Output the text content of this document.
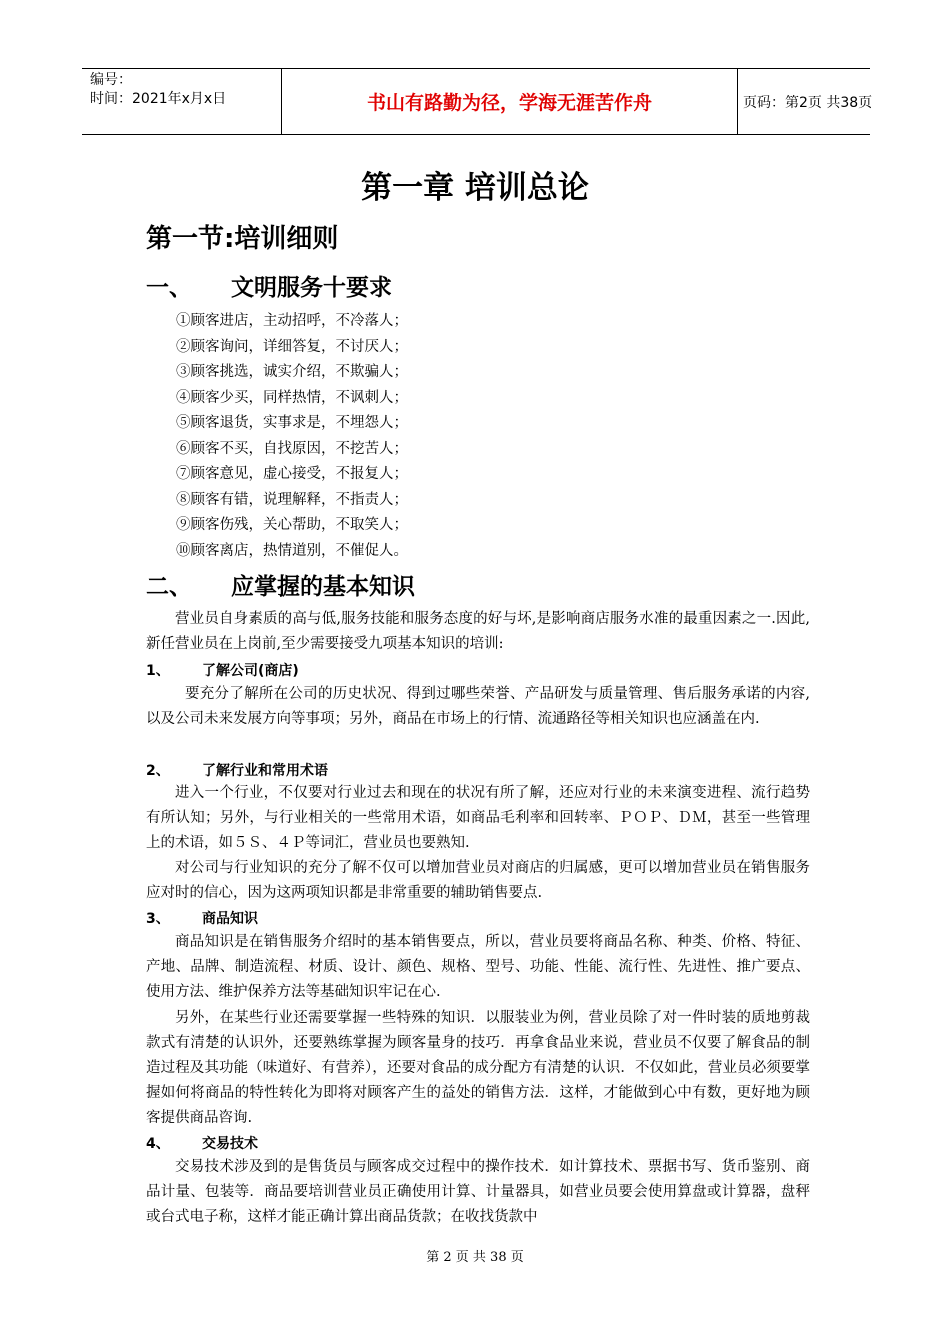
编号：
时间：2021年x月x日	书山有路勤为径，学海无涯苦作舟	页码：第2页 共38页
第一章 培训总论
第一节:培训细则
一、 文明服务十要求
①顾客进店，主动招呼，不冷落人；
②顾客询问，详细答复，不讨厌人；
③顾客挑选，诚实介绍，不欺骗人；
④顾客少买，同样热情，不讽刺人；
⑤顾客退货，实事求是，不埋怨人；
⑥顾客不买，自找原因，不挖苦人；
⑦顾客意见，虚心接受，不报复人；
⑧顾客有错，说理解释，不指责人；
⑨顾客伤残，关心帮助，不取笑人；
⑩顾客离店，热情道别，不催促人。
二、 应掌握的基本知识
营业员自身素质的高与低,服务技能和服务态度的好与坏,是影响商店服务水准的最重因素之一.因此,新任营业员在上岗前,至少需要接受九项基本知识的培训:
1、 了解公司(商店)
要充分了解所在公司的历史状况、得到过哪些荣誉、产品研发与质量管理、售后服务承诺的内容,以及公司未来发展方向等事项；另外，商品在市场上的行情、流通路径等相关知识也应涵盖在内.
2、 了解行业和常用术语
进入一个行业，不仅要对行业过去和现在的状况有所了解，还应对行业的未来演变进程、流行趋势有所认知；另外，与行业相关的一些常用术语，如商品毛利率和回转率、ＰＯＰ、ＤＭ，甚至一些管理上的术语，如５Ｓ、４Ｐ等词汇，营业员也要熟知.
对公司与行业知识的充分了解不仅可以增加营业员对商店的归属感，更可以增加营业员在销售服务应对时的信心，因为这两项知识都是非常重要的辅助销售要点.
3、 商品知识
商品知识是在销售服务介绍时的基本销售要点，所以，营业员要将商品名称、种类、价格、特征、产地、品牌、制造流程、材质、设计、颜色、规格、型号、功能、性能、流行性、先进性、推广要点、使用方法、维护保养方法等基础知识牢记在心.
另外，在某些行业还需要掌握一些特殊的知识．以服装业为例，营业员除了对一件时装的质地剪裁款式有清楚的认识外，还要熟练掌握为顾客量身的技巧．再拿食品业来说，营业员不仅要了解食品的制造过程及其功能（味道好、有营养），还要对食品的成分配方有清楚的认识．不仅如此，营业员必须要掌握如何将商品的特性转化为即将对顾客产生的益处的销售方法．这样，才能做到心中有数，更好地为顾客提供商品咨询.
4、 交易技术
交易技术涉及到的是售货员与顾客成交过程中的操作技术．如计算技术、票据书写、货币鉴别、商品计量、包装等．商品要培训营业员正确使用计算、计量器具，如营业员要会使用算盘或计算器，盘秤或台式电子称，这样才能正确计算出商品货款；在收找货款中
第 2 页 共 38 页
